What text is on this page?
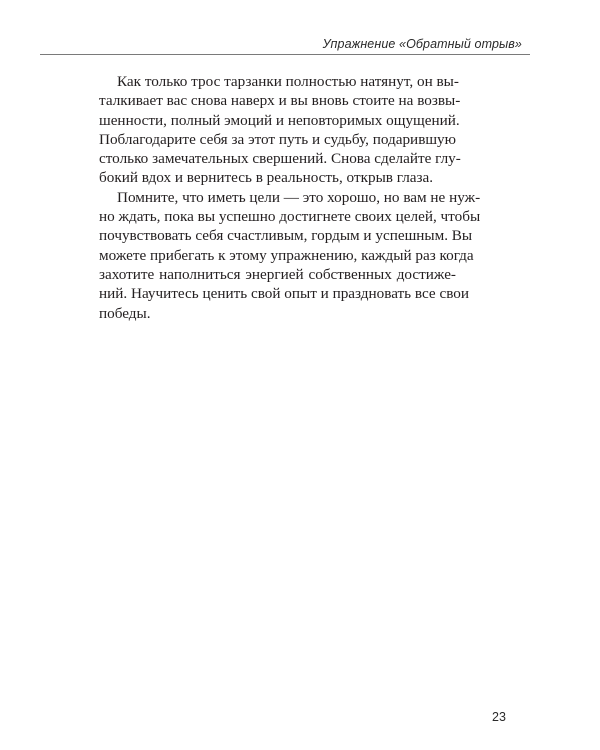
Упражнение «Обратный отрыв»
Как только трос тарзанки полностью натянут, он вы-
талкивает вас снова наверх и вы вновь стоите на возвы-
шенности, полный эмоций и неповторимых ощущений.
Поблагодарите себя за этот путь и судьбу, подарившую
столько замечательных свершений. Снова сделайте глу-
бокий вдох и вернитесь в реальность, открыв глаза.
Помните, что иметь цели — это хорошо, но вам не нуж-
но ждать, пока вы успешно достигнете своих целей, чтобы
почувствовать себя счастливым, гордым и успешным. Вы
можете прибегать к этому упражнению, каждый раз когда
захотите наполниться энергией собственных достиже-
ний. Научитесь ценить свой опыт и праздновать все свои
победы.
23
